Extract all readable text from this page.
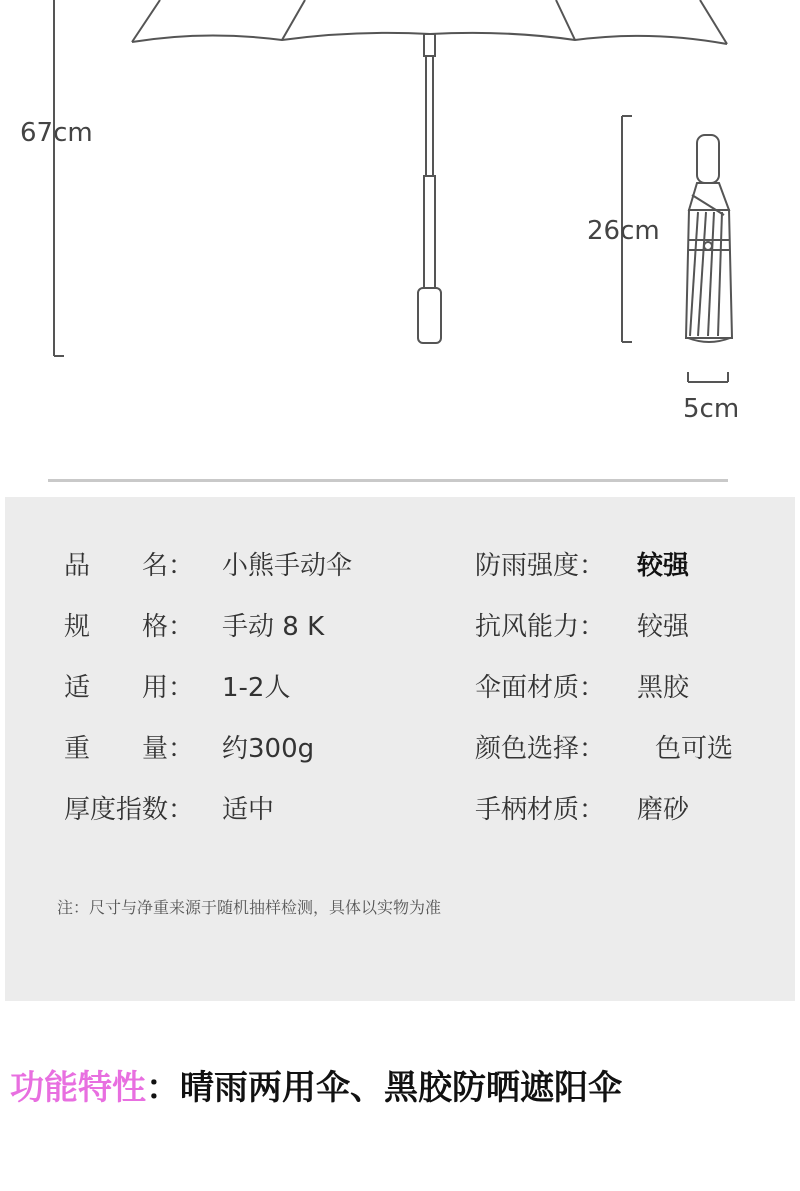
67cm
26cm
5cm
品　　名： 小熊手动伞
规　　格： 手动 8 K
适　　用： 1-2人
重　　量： 约300g
厚度指数： 适中
防雨强度： 较强
抗风能力： 较强
伞面材质： 黑胶
颜色选择： 色可选
手柄材质： 磨砂
注：尺寸与净重来源于随机抽样检测，具体以实物为准
功能特性：晴雨两用伞、黑胶防晒遮阳伞
